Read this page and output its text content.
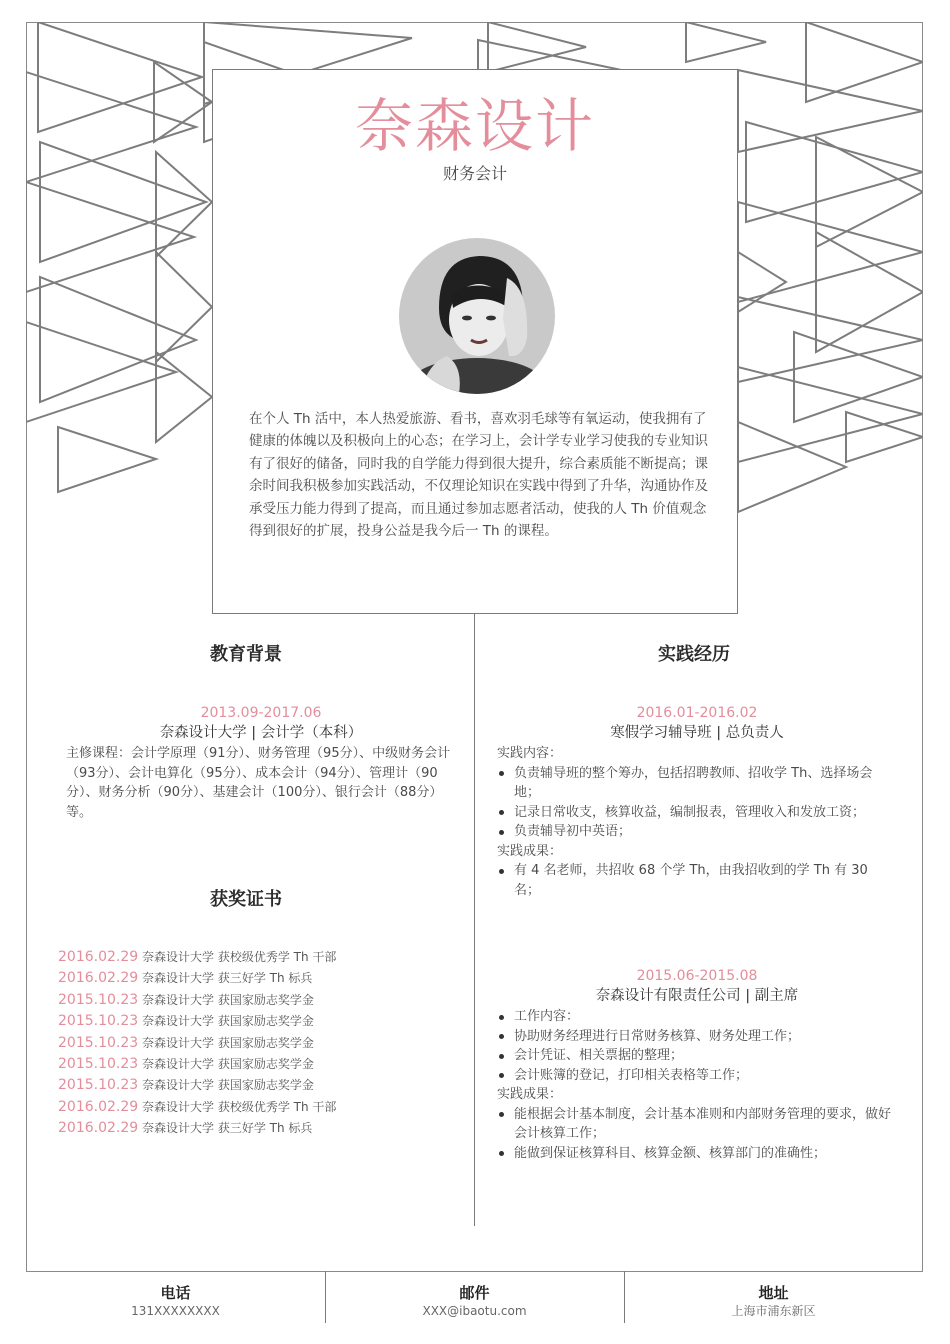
奈森设计
财务会计

在个人 Th 活中，本人热爱旅游、看书，喜欢羽毛球等有氧运动，使我拥有了健康的体魄以及积极向上的心态；在学习上，会计学专业学习使我的专业知识有了很好的储备，同时我的自学能力得到很大提升，综合素质能不断提高；课余时间我积极参加实践活动，不仅理论知识在实践中得到了升华，沟通协作及承受压力能力得到了提高，而且通过参加志愿者活动，使我的人 Th 价值观念得到很好的扩展，投身公益是我今后一 Th 的课程。

教育背景
2013.09-2017.06
奈森设计大学 | 会计学（本科）
主修课程：会计学原理（91分）、财务管理（95分）、中级财务会计（93分）、会计电算化（95分）、成本会计（94分）、管理计（90分）、财务分析（90分）、基建会计（100分）、银行会计（88分）等。
获奖证书
2016.02.29 奈森设计大学 获校级优秀学 Th 干部
2016.02.29 奈森设计大学 获三好学 Th 标兵
2015.10.23 奈森设计大学 获国家励志奖学金
2015.10.23 奈森设计大学 获国家励志奖学金
2015.10.23 奈森设计大学 获国家励志奖学金
2015.10.23 奈森设计大学 获国家励志奖学金
2015.10.23 奈森设计大学 获国家励志奖学金
2016.02.29 奈森设计大学 获校级优秀学 Th 干部
2016.02.29 奈森设计大学 获三好学 Th 标兵
实践经历
2016.01-2016.02
寒假学习辅导班 | 总负责人
实践内容：
负责辅导班的整个筹办，包括招聘教师、招收学 Th、选择场会地；
记录日常收支，核算收益，编制报表，管理收入和发放工资；
负责辅导初中英语；
实践成果：
有 4 名老师，共招收 68 个学 Th，由我招收到的学 Th 有 30 名；
2015.06-2015.08
奈森设计有限责任公司 | 副主席
工作内容：
协助财务经理进行日常财务核算、财务处理工作；
会计凭证、相关票据的整理；
会计账簿的登记，打印相关表格等工作；
实践成果：
能根据会计基本制度，会计基本准则和内部财务管理的要求，做好会计核算工作；
能做到保证核算科目、核算金额、核算部门的准确性；
电话
131XXXXXXXX
邮件
XXX@ibaotu.com
地址
上海市浦东新区
